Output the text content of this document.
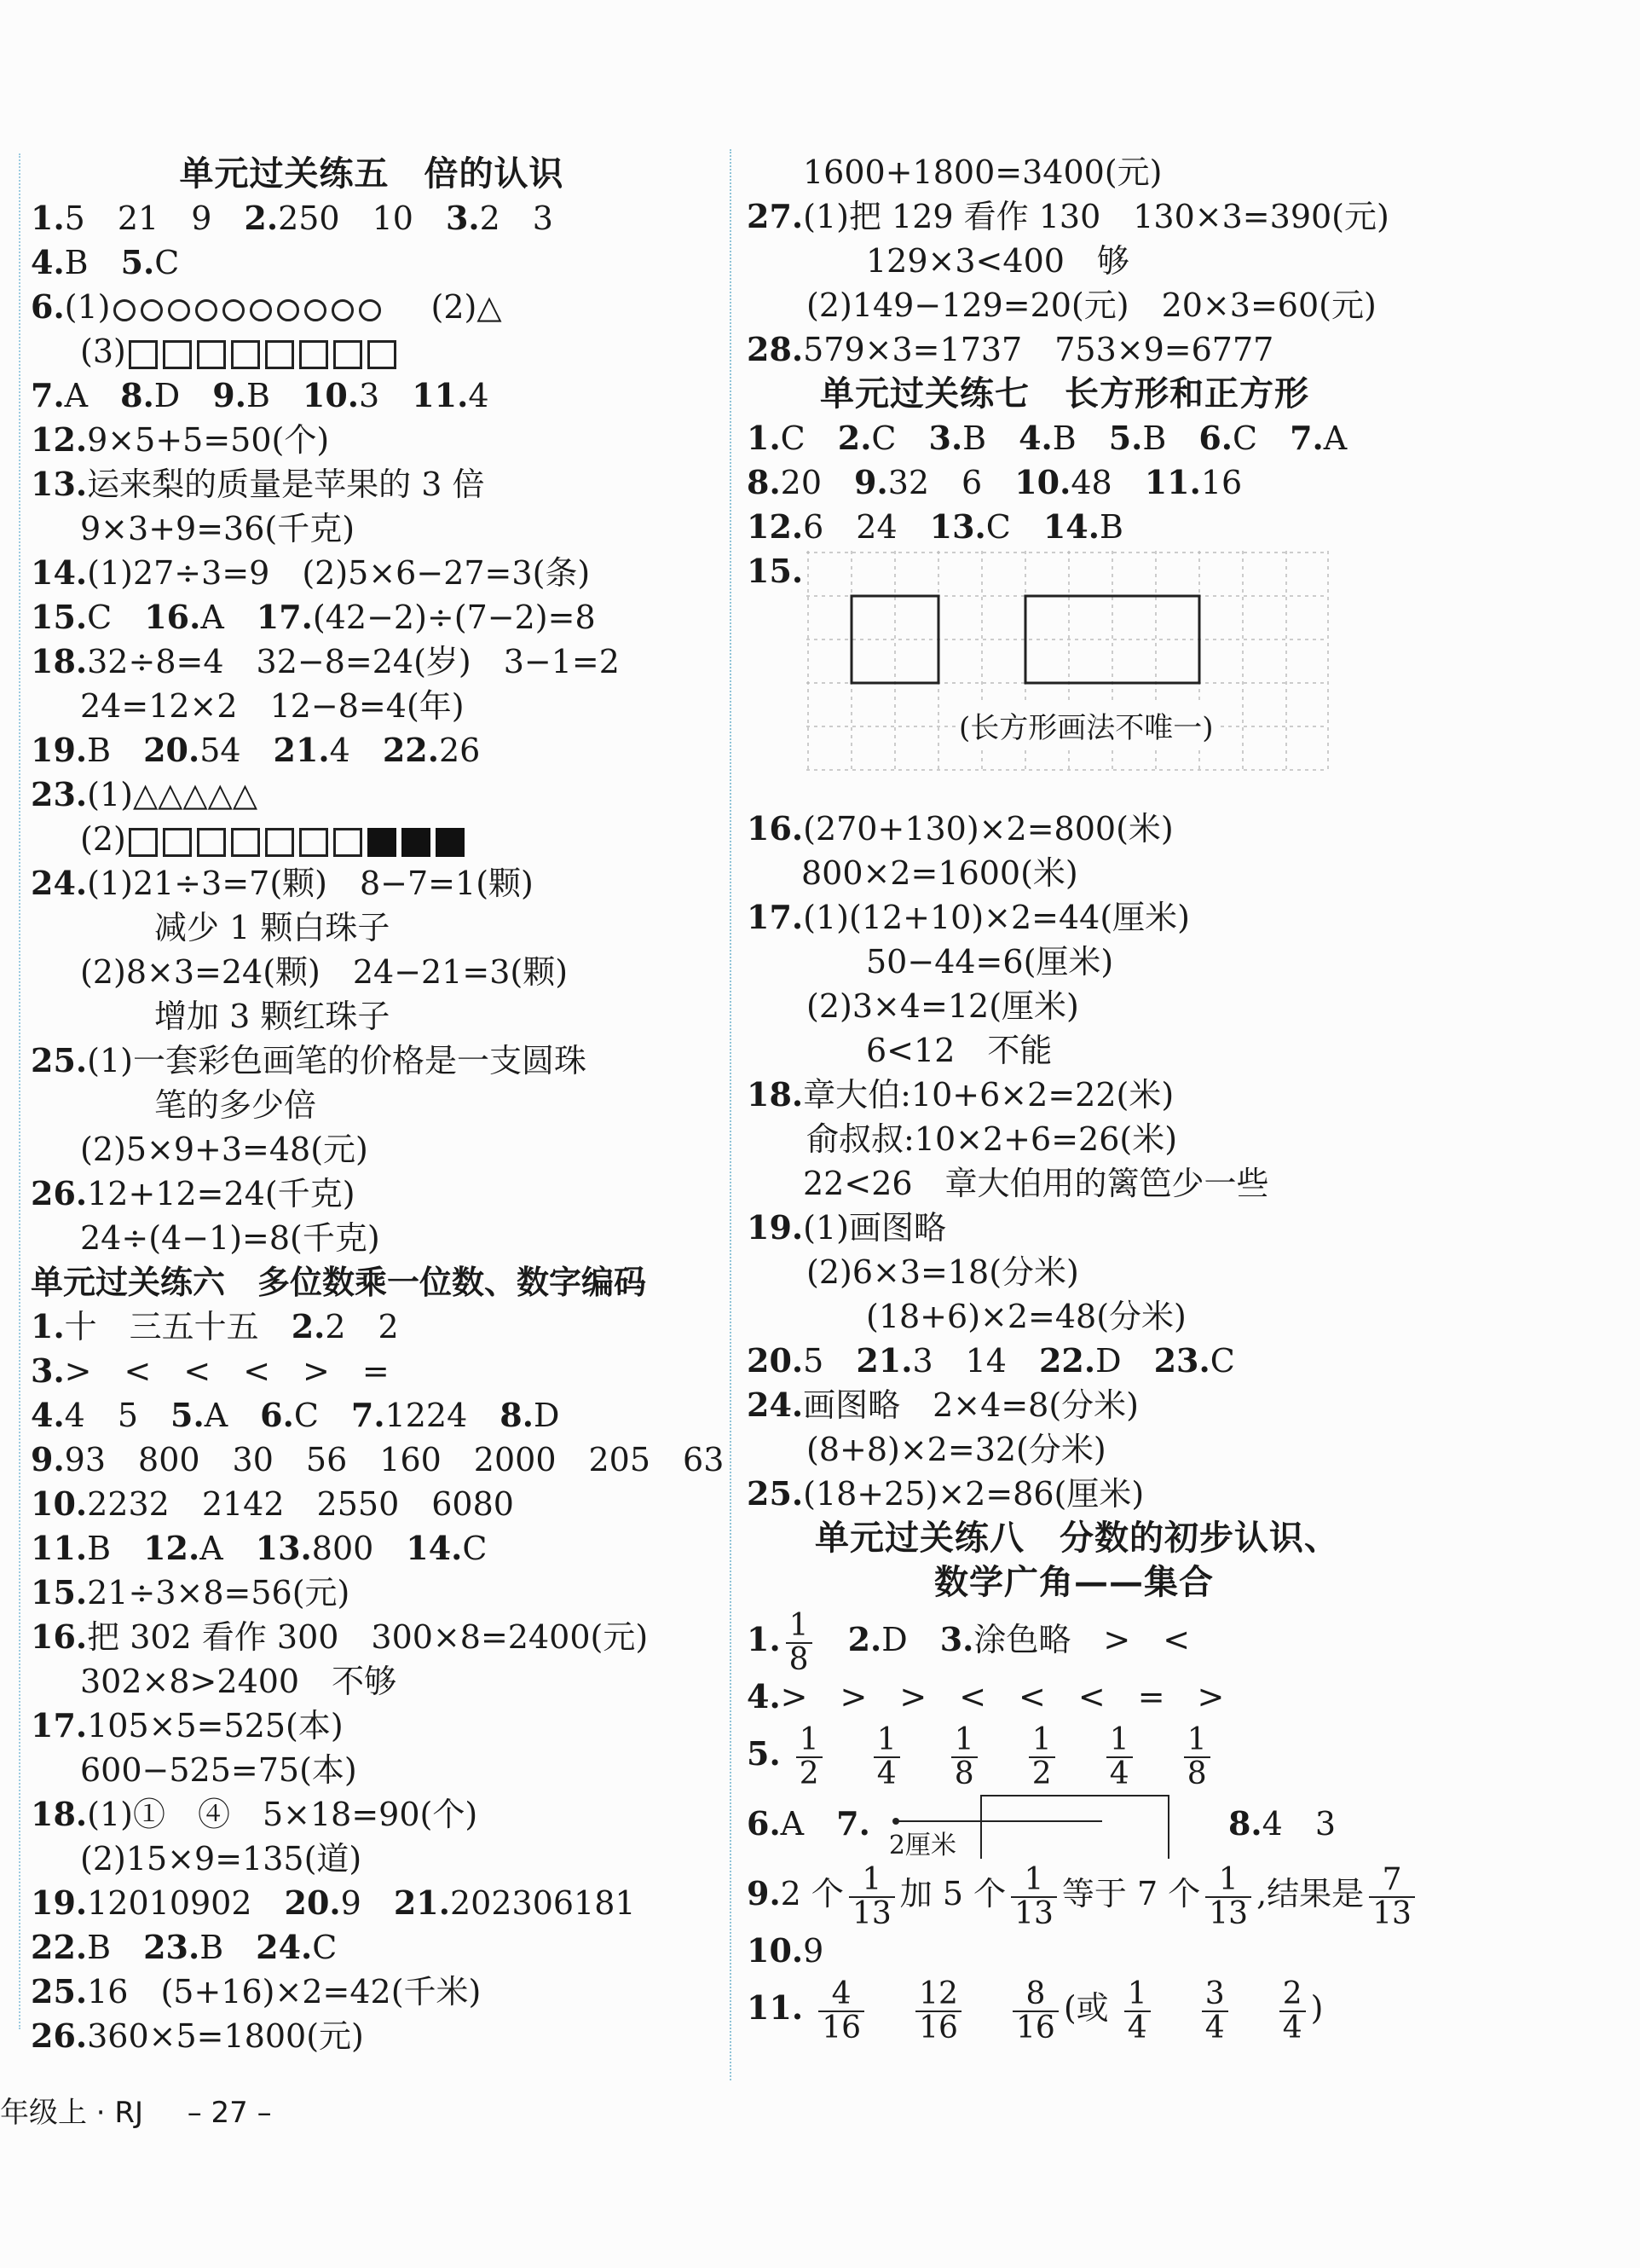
单元过关练五　倍的认识
1.5　21　9　2.250　10　3.2　3
4.B　5.C
6.(1)	(2)△
(3)
7.A　8.D　9.B　10.3　11.4
12.9×5+5=50(个)
13.运来梨的质量是苹果的 3 倍
9×3+9=36(千克)
14.(1)27÷3=9　(2)5×6−27=3(条)
15.C　16.A　17.(42−2)÷(7−2)=8
18.32÷8=4　32−8=24(岁)　3−1=2
24=12×2　12−8=4(年)
19.B　20.54　21.4　22.26
23.(1)△△△△△
(2)
24.(1)21÷3=7(颗)　8−7=1(颗)
减少 1 颗白珠子
(2)8×3=24(颗)　24−21=3(颗)
增加 3 颗红珠子
25.(1)一套彩色画笔的价格是一支圆珠
笔的多少倍
(2)5×9+3=48(元)
26.12+12=24(千克)
24÷(4−1)=8(千克)
单元过关练六　多位数乘一位数、数字编码
1.十　三五十五　2.2　2
3.>　<　<　<　>　=
4.4　5　5.A　6.C　7.1224　8.D
9.93　800　30　56　160　2000　205　63
10.2232　2142　2550　6080
11.B　12.A　13.800　14.C
15.21÷3×8=56(元)
16.把 302 看作 300　300×8=2400(元)
302×8>2400　不够
17.105×5=525(本)
600−525=75(本)
18.(1)①　④　5×18=90(个)
(2)15×9=135(道)
19.12010902　20.9　21.202306181
22.B　23.B　24.C
25.16　(5+16)×2=42(千米)
26.360×5=1800(元)
1600+1800=3400(元)
27.(1)把 129 看作 130　130×3=390(元)
129×3<400　够
(2)149−129=20(元)　20×3=60(元)
28.579×3=1737　753×9=6777
单元过关练七　长方形和正方形
1.C　2.C　3.B　4.B　5.B　6.C　7.A
8.20　9.32　6　10.48　11.16
12.6　24　13.C　14.B
15.
(长方形画法不唯一)
16.(270+130)×2=800(米)
800×2=1600(米)
17.(1)(12+10)×2=44(厘米)
50−44=6(厘米)
(2)3×4=12(厘米)
6<12　不能
18.章大伯:10+6×2=22(米)
俞叔叔:10×2+6=26(米)
22<26　章大伯用的篱笆少一些
19.(1)画图略
(2)6×3=18(分米)
(18+6)×2=48(分米)
20.5　21.3　14　22.D　23.C
24.画图略　2×4=8(分米)
(8+8)×2=32(分米)
25.(18+25)×2=86(厘米)
单元过关练八　分数的初步认识、
数学广角——集合
1. $\frac{1}{8} 2.D$　3.涂色略　>　<
4.>　>　>　<　<　<　=　>
5. $\frac{1}{2}$
$\frac{1}{4}$
$\frac{1}{8}$
$\frac{1}{2}$
$\frac{1}{4}$
$\frac{1}{8}$
6.A　7.
2厘米
8.4　3
9.2 个 $\frac{1}{13}$ 加 5 个 $\frac{1}{13}$ 等于 7 个 $\frac{1}{13}$ ,结果是 $\frac{7}{13}$
10.9
11. $\frac{4}{16}$
$\frac{12}{16}$
$\frac{8}{16}$ (或 $\frac{1}{4}$
$\frac{3}{4}$
$\frac{2}{4}$ )
年级上 · RJ – 27 –
